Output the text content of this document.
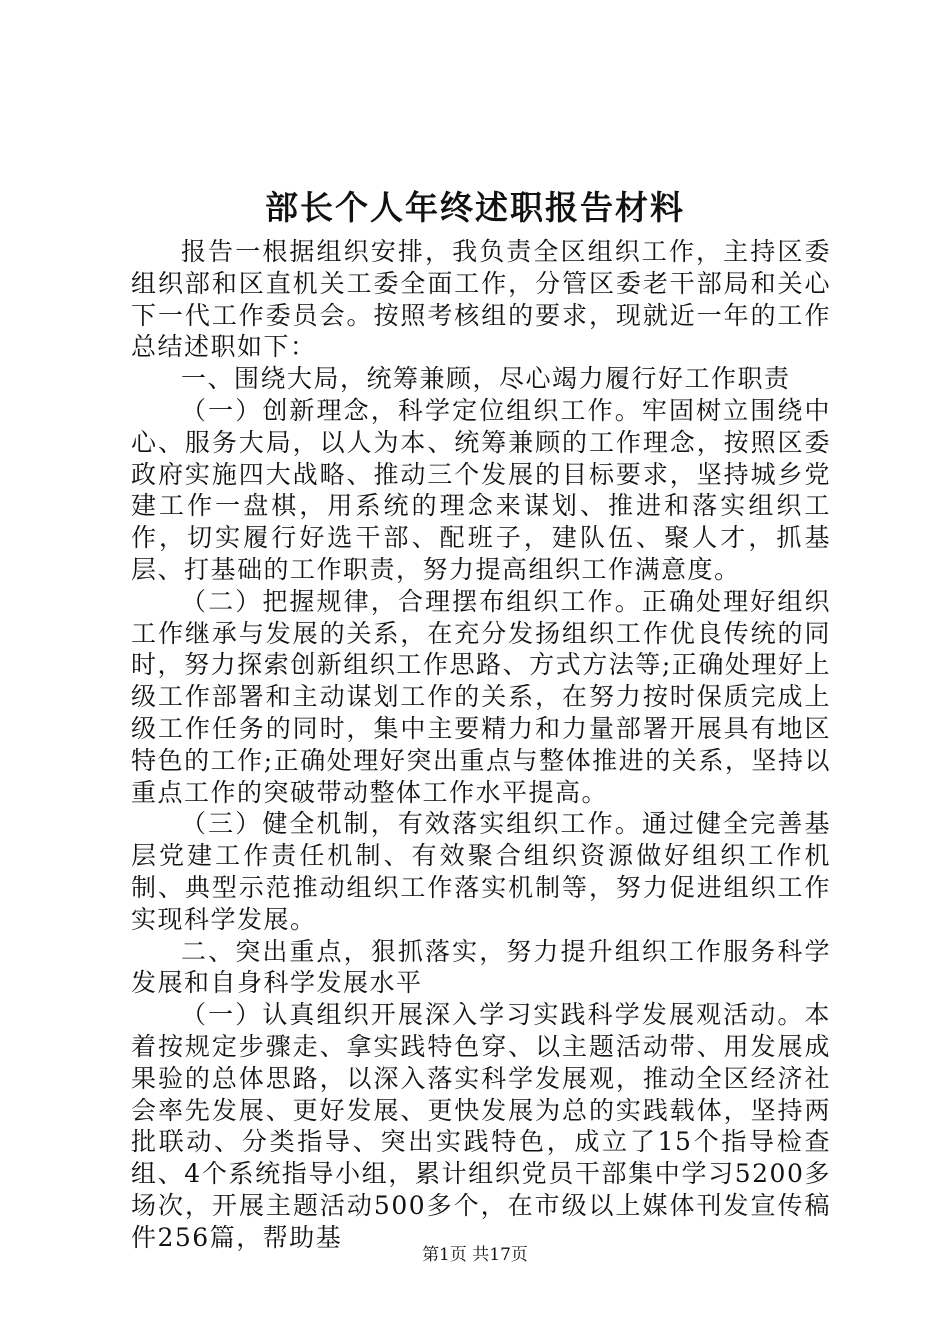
部长个人年终述职报告材料

报告一根据组织安排，我负责全区组织工作，主持区委组织部和区直机关工委全面工作，分管区委老干部局和关心下一代工作委员会。按照考核组的要求，现就近一年的工作总结述职如下：

一、围绕大局，统筹兼顾，尽心竭力履行好工作职责

（一）创新理念，科学定位组织工作。牢固树立围绕中心、服务大局，以人为本、统筹兼顾的工作理念，按照区委政府实施四大战略、推动三个发展的目标要求，坚持城乡党建工作一盘棋，用系统的理念来谋划、推进和落实组织工作，切实履行好选干部、配班子，建队伍、聚人才，抓基层、打基础的工作职责，努力提高组织工作满意度。

（二）把握规律，合理摆布组织工作。正确处理好组织工作继承与发展的关系，在充分发扬组织工作优良传统的同时，努力探索创新组织工作思路、方式方法等;正确处理好上级工作部署和主动谋划工作的关系，在努力按时保质完成上级工作任务的同时，集中主要精力和力量部署开展具有地区特色的工作;正确处理好突出重点与整体推进的关系，坚持以重点工作的突破带动整体工作水平提高。

（三）健全机制，有效落实组织工作。通过健全完善基层党建工作责任机制、有效聚合组织资源做好组织工作机制、典型示范推动组织工作落实机制等，努力促进组织工作实现科学发展。

二、突出重点，狠抓落实，努力提升组织工作服务科学发展和自身科学发展水平

（一）认真组织开展深入学习实践科学发展观活动。本着按规定步骤走、拿实践特色穿、以主题活动带、用发展成果验的总体思路，以深入落实科学发展观，推动全区经济社会率先发展、更好发展、更快发展为总的实践载体，坚持两批联动、分类指导、突出实践特色，成立了15个指导检查组、4个系统指导小组，累计组织党员干部集中学习5200多场次，开展主题活动500多个，在市级以上媒体刊发宣传稿件256篇，帮助基

第1页 共17页
